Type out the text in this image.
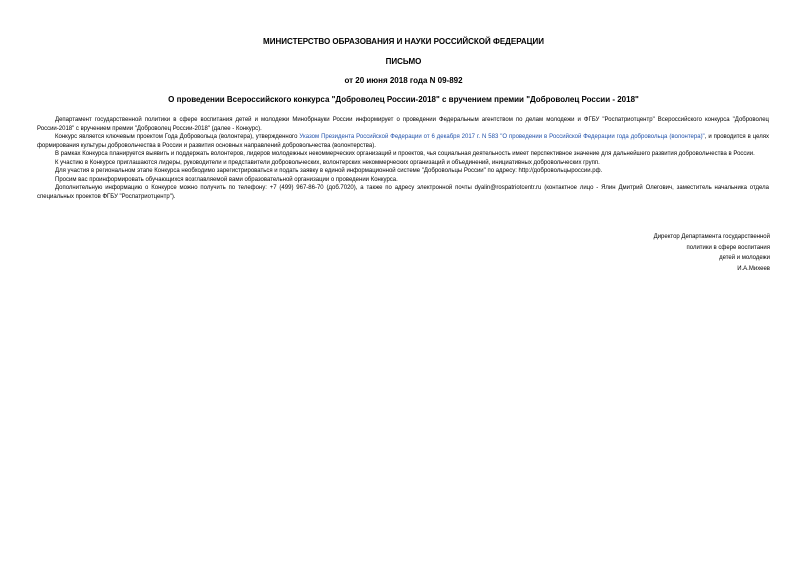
МИНИСТЕРСТВО ОБРАЗОВАНИЯ И НАУКИ РОССИЙСКОЙ ФЕДЕРАЦИИ
ПИСЬМО
от 20 июня 2018 года N 09-892
О проведении Всероссийского конкурса "Доброволец России-2018" с вручением премии "Доброволец России - 2018"

Департамент государственной политики в сфере воспитания детей и молодежи Минобрнауки России информирует о проведении Федеральным агентством по делам молодежи и ФГБУ "Роспатриотцентр" Всероссийского конкурса "Доброволец России-2018" с вручением премии "Доброволец России-2018" (далее - Конкурс).

Конкурс является ключевым проектом Года Добровольца (волонтера), утвержденного Указом Президента Российской Федерации от 6 декабря 2017 г. N 583 "О проведении в Российской Федерации года добровольца (волонтера)", и проводится в целях формирования культуры добровольчества в России и развития основных направлений добровольчества (волонтерства).

В рамках Конкурса планируется выявить и поддержать волонтеров, лидеров молодежных некоммерческих организаций и проектов, чья социальная деятельность имеет перспективное значение для дальнейшего развития добровольчества в России.

К участию в Конкурсе приглашаются лидеры, руководители и представители добровольческих, волонтерских некоммерческих организаций и объединений, инициативных добровольческих групп.

Для участия в региональном этапе Конкурса необходимо зарегистрироваться и подать заявку в единой информационной системе "Добровольцы России" по адресу: http://добровольцыроссии.рф.

Просим вас проинформировать обучающихся возглавляемой вами образовательной организации о проведении Конкурса.

Дополнительную информацию о Конкурсе можно получить по телефону: +7 (499) 967-86-70 (доб.7020), а также по адресу электронной почты dyalin@rospatriotcentr.ru (контактное лицо - Ялин Дмитрий Олегович, заместитель начальника отдела специальных проектов ФГБУ "Роспатриотцентр").

Директор Департамента государственной
политики в сфере воспитания
детей и молодежи
И.А.Михеев
